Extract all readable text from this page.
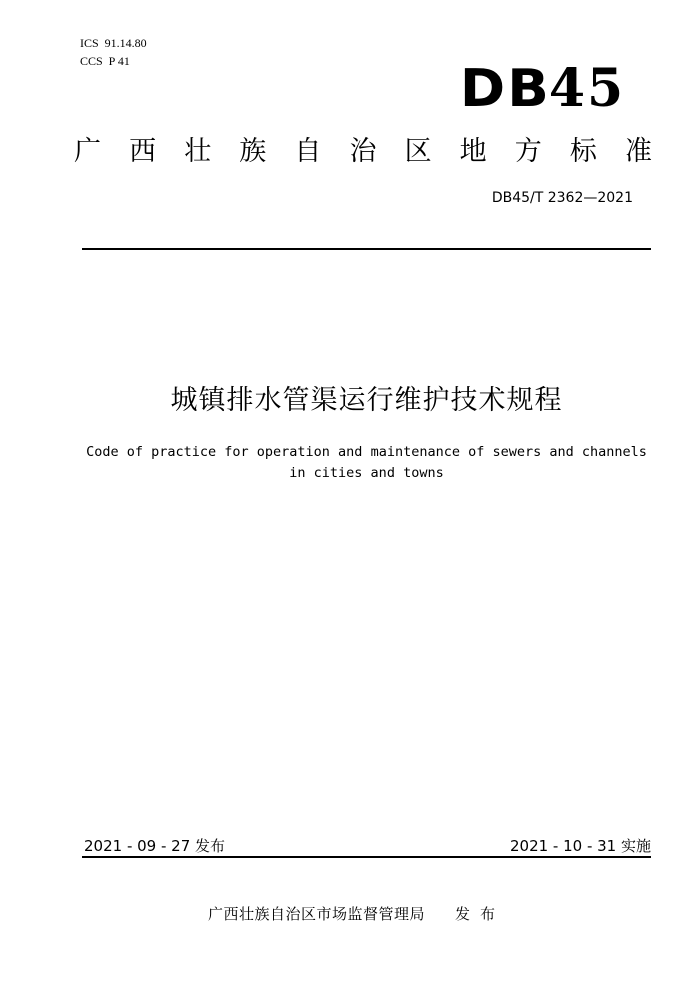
ICS  91.14.80
CCS  P 41	DB45
广 西 壮 族 自 治 区 地 方 标 准
DB45/T 2362—2021
城镇排水管渠运行维护技术规程
Code of practice for operation and maintenance of sewers and channels
in cities and towns
2021 - 09 - 27 发布	2021 - 10 - 31 实施
广西壮族自治区市场监督管理局 发布
